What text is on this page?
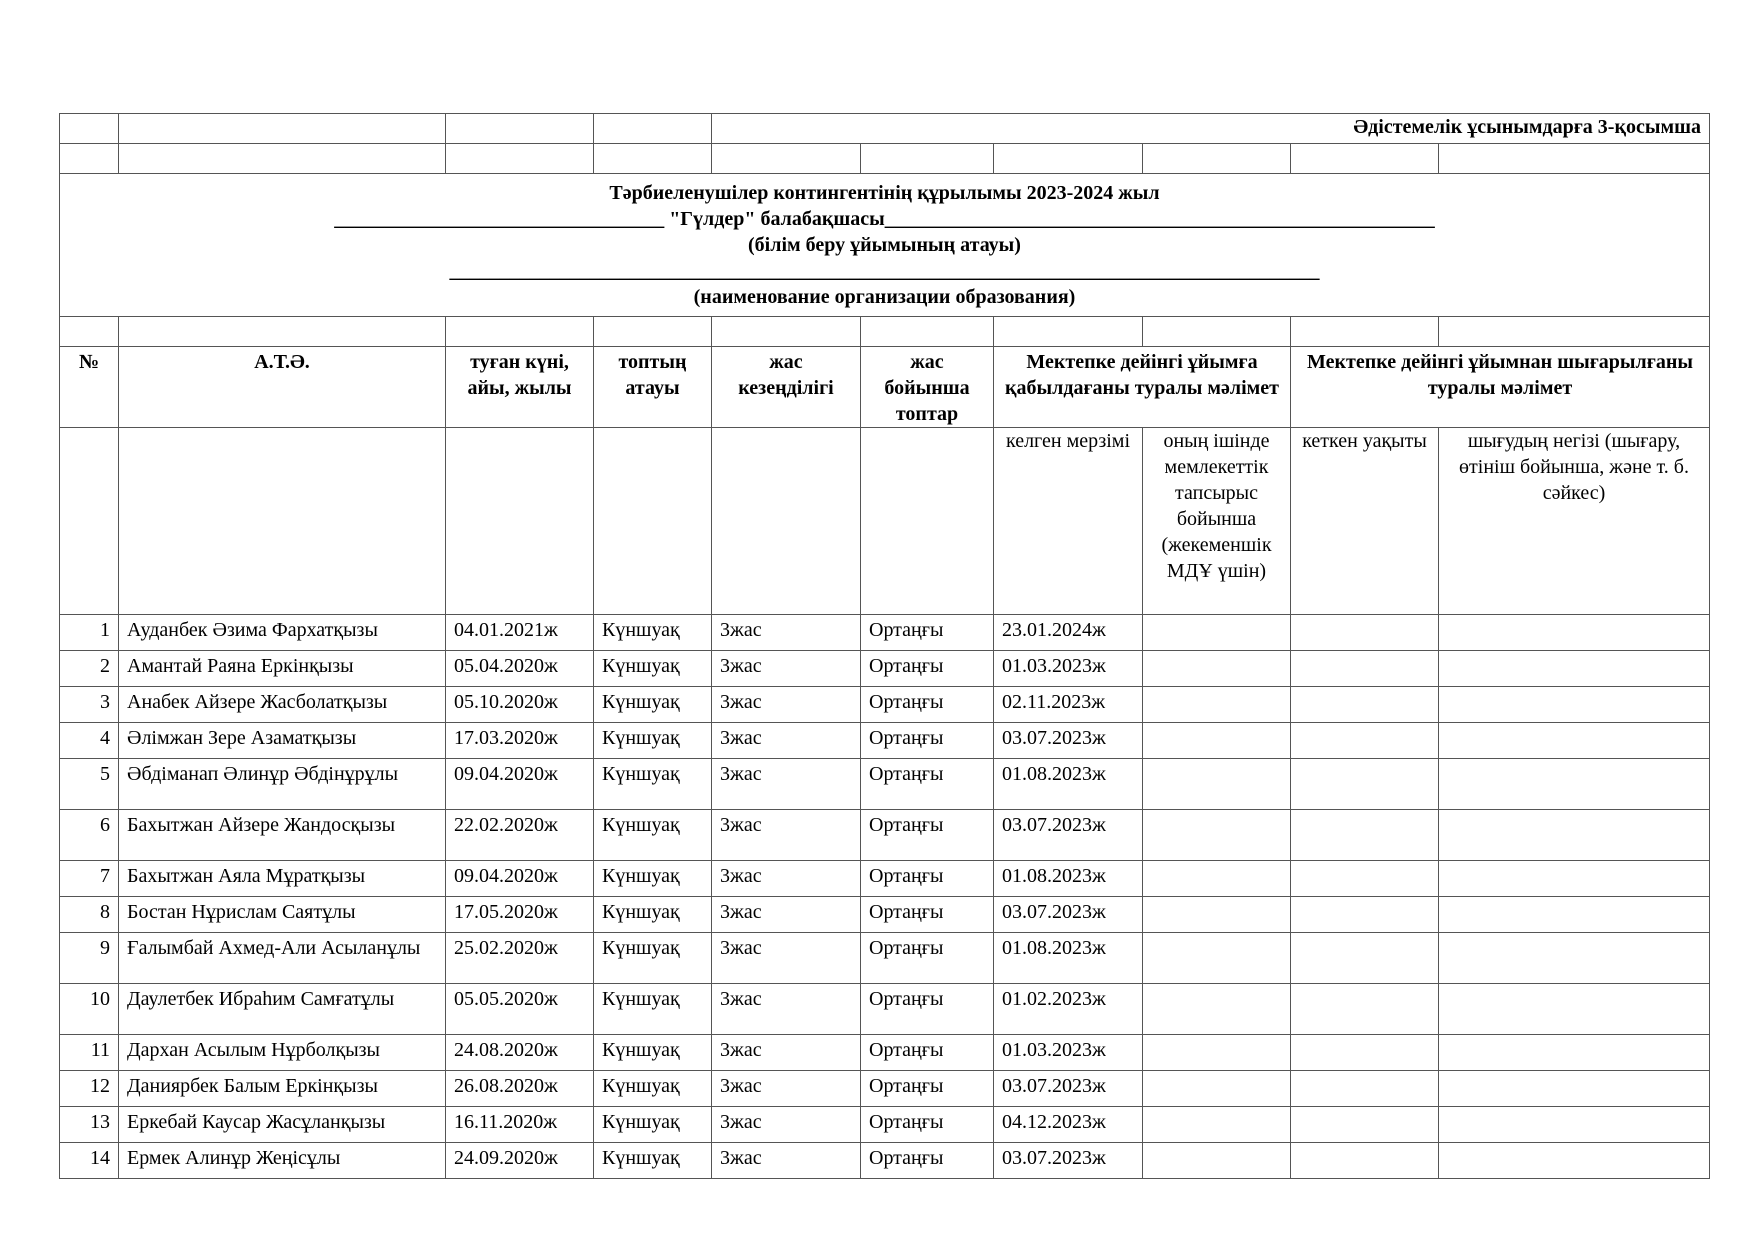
				Әдістемелік ұсынымдарға 3-қосымша					

Тәрбиеленушілер контингентінің құрылымы 2023-2024 жыл
_________________________________ "Гүлдер" балабақшасы_______________________________________________________
(білім беру ұйымының атауы)
_______________________________________________________________________________________
(наименование организации образования)									

№	А.Т.Ә.	туған күні, айы, жылы	топтың атауы	жас кезеңділігі	жас бойынша топтар	Мектепке дейінгі ұйымға қабылдағаны туралы мәлімет		Мектепке дейінгі ұйымнан шығарылғаны туралы мәлімет	
						келген мерзімі	оның ішінде мемлекеттік тапсырыс бойынша (жекеменшік МДҰ үшін)	кеткен уақыты	шығудың негізі (шығару, өтініш бойынша, және т. б. сәйкес)
1	Ауданбек Әзима Фархатқызы	04.01.2021ж	Күншуақ	3жас	Ортаңғы	23.01.2024ж			
2	Амантай Раяна Еркінқызы	05.04.2020ж	Күншуақ	3жас	Ортаңғы	01.03.2023ж			
3	Анабек Айзере Жасболатқызы	05.10.2020ж	Күншуақ	3жас	Ортаңғы	02.11.2023ж			
4	Әлімжан Зере Азаматқызы	17.03.2020ж	Күншуақ	3жас	Ортаңғы	03.07.2023ж			
5	Әбдіманап Әлинұр Әбдінұрұлы	09.04.2020ж	Күншуақ	3жас	Ортаңғы	01.08.2023ж			
6	Бахытжан Айзере Жандосқызы	22.02.2020ж	Күншуақ	3жас	Ортаңғы	03.07.2023ж			
7	Бахытжан Аяла Мұратқызы	09.04.2020ж	Күншуақ	3жас	Ортаңғы	01.08.2023ж			
8	Бостан Нұрислам Саятұлы	17.05.2020ж	Күншуақ	3жас	Ортаңғы	03.07.2023ж			
9	Ғалымбай Ахмед-Али Асыланұлы	25.02.2020ж	Күншуақ	3жас	Ортаңғы	01.08.2023ж			
10	Даулетбек Ибраһим Самғатұлы	05.05.2020ж	Күншуақ	3жас	Ортаңғы	01.02.2023ж			
11	Дархан Асылым Нұрболқызы	24.08.2020ж	Күншуақ	3жас	Ортаңғы	01.03.2023ж			
12	Даниярбек Балым Еркінқызы	26.08.2020ж	Күншуақ	3жас	Ортаңғы	03.07.2023ж			
13	Еркебай Каусар Жасұланқызы	16.11.2020ж	Күншуақ	3жас	Ортаңғы	04.12.2023ж			
14	Ермек Алинұр Жеңісұлы	24.09.2020ж	Күншуақ	3жас	Ортаңғы	03.07.2023ж			
